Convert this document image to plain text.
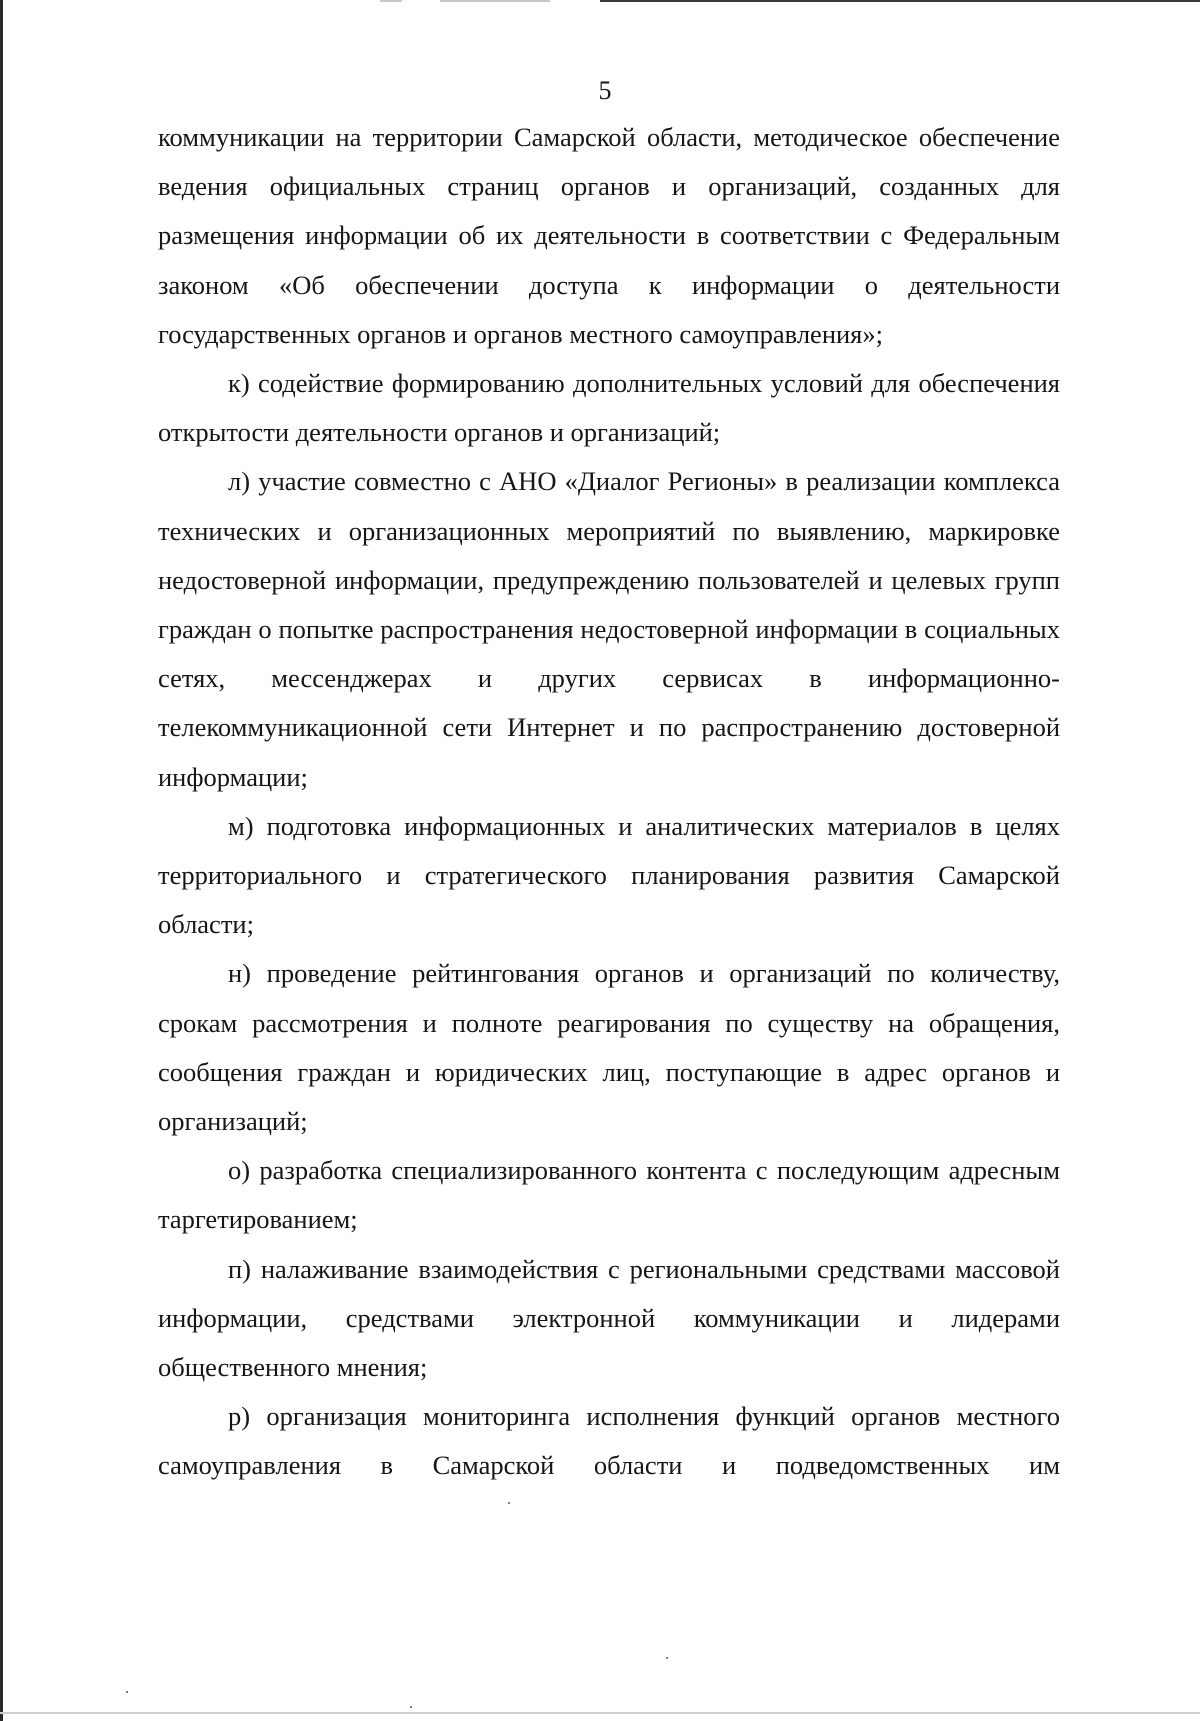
5

коммуникации на территории Самарской области, методическое обеспечение ведения официальных страниц органов и организаций, созданных для размещения информации об их деятельности в соответствии с Федеральным законом «Об обеспечении доступа к информации о деятельности государственных органов и органов местного самоуправления»;

к) содействие формированию дополнительных условий для обеспечения открытости деятельности органов и организаций;

л) участие совместно с АНО «Диалог Регионы» в реализации комплекса технических и организационных мероприятий по выявлению, маркировке недостоверной информации, предупреждению пользователей и целевых групп граждан о попытке распространения недостоверной информации в социальных сетях, мессенджерах и других сервисах в информационно-телекоммуникационной сети Интернет и по распространению достоверной информации;

м) подготовка информационных и аналитических материалов в целях территориального и стратегического планирования развития Самарской области;

н) проведение рейтингования органов и организаций по количеству, срокам рассмотрения и полноте реагирования по существу на обращения, сообщения граждан и юридических лиц, поступающие в адрес органов и организаций;

о) разработка специализированного контента с последующим адресным таргетированием;

п) налаживание взаимодействия с региональными средствами массовой информации, средствами электронной коммуникации и лидерами общественного мнения;

р) организация мониторинга исполнения функций органов местного самоуправления в Самарской области и подведомственных им
